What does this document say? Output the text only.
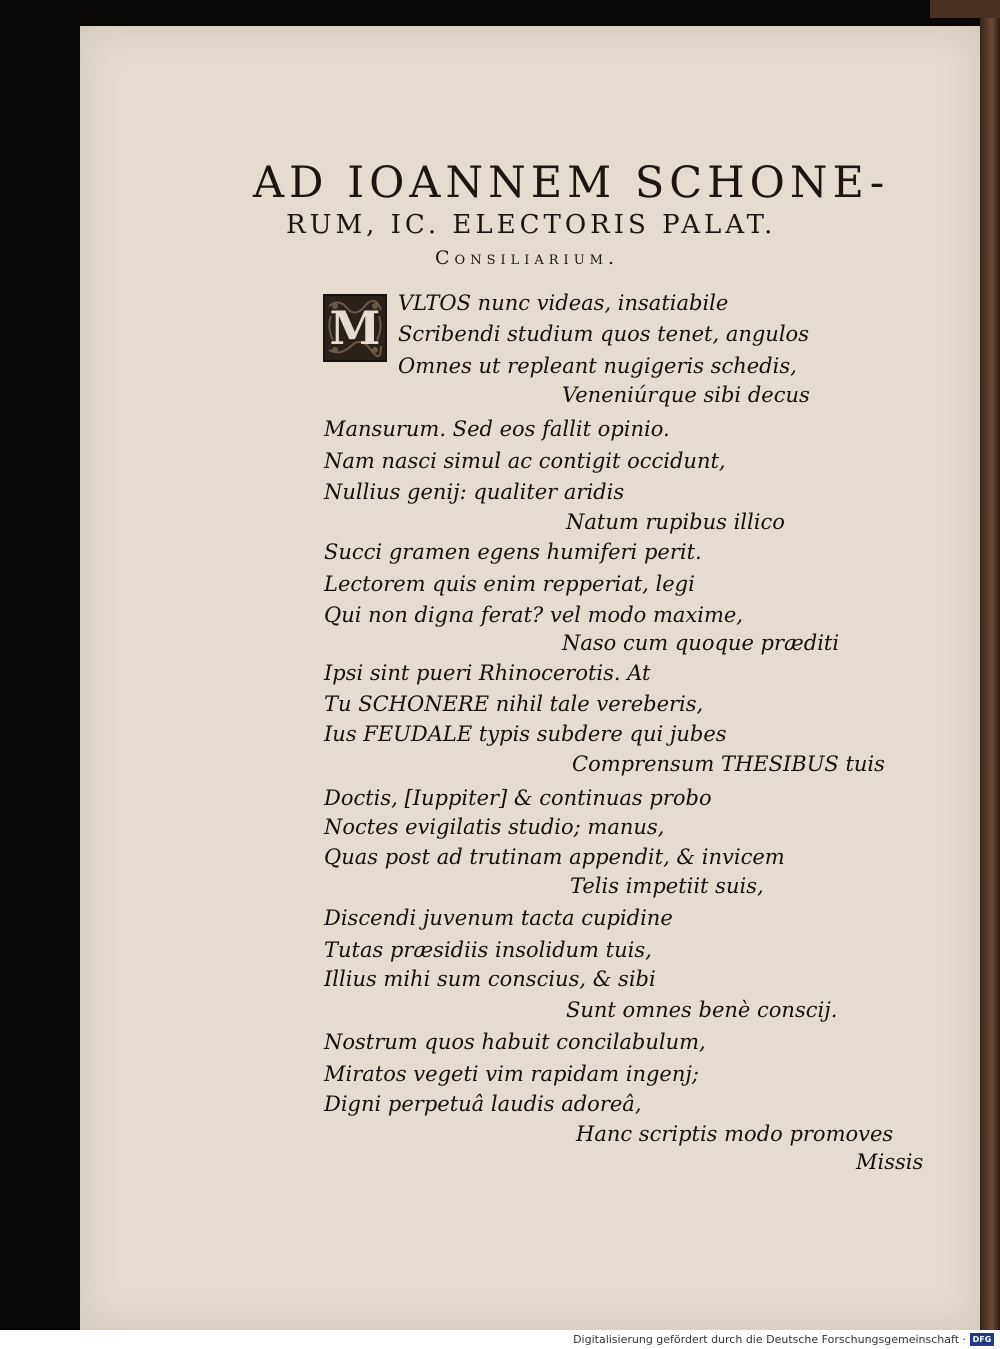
AD IOANNEM SCHONE-
RUM, IC. ELECTORIS PALAT.
Consiliarium.
M VLTOS nunc videas, insatiabile
Scribendi studium quos tenet, angulos
Omnes ut repleant nugigeris schedis,
Veneniúrque sibi decus
Mansurum. Sed eos fallit opinio.
Nam nasci simul ac contigit occidunt,
Nullius genij: qualiter aridis
Natum rupibus illico
Succi gramen egens humiferi perit.
Lectorem quis enim repperiat, legi
Qui non digna ferat? vel modo maxime,
Naso cum quoque præditi
Ipsi sint pueri Rhinocerotis. At
Tu SCHONERE nihil tale vereberis,
Ius FEUDALE typis subdere qui jubes
Comprensum THESIBUS tuis
Doctis, [Iuppiter] & continuas probo
Noctes evigilatis studio; manus,
Quas post ad trutinam appendit, & invicem
Telis impetiit suis,
Discendi juvenum tacta cupidine
Tutas præsidiis insolidum tuis,
Illius mihi sum conscius, & sibi
Sunt omnes benè conscij.
Nostrum quos habuit concilabulum,
Miratos vegeti vim rapidam ingenj;
Digni perpetuâ laudis adoreâ,
Hanc scriptis modo promoves
Missis
Digitalisierung gefördert durch die Deutsche Forschungsgemeinschaft · DFG
